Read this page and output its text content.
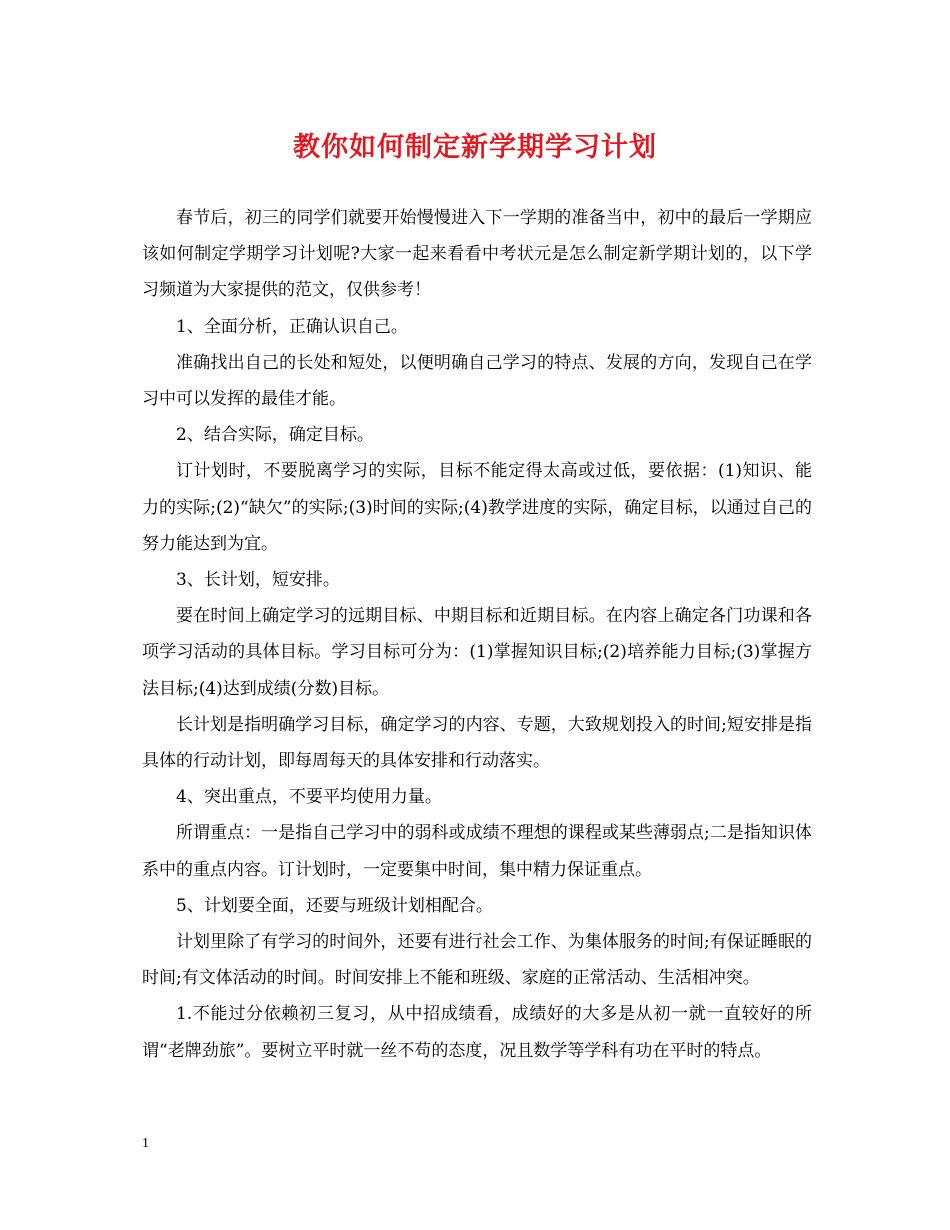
教你如何制定新学期学习计划

春节后，初三的同学们就要开始慢慢进入下一学期的准备当中，初中的最后一学期应该如何制定学期学习计划呢?大家一起来看看中考状元是怎么制定新学期计划的，以下学习频道为大家提供的范文，仅供参考！

1、全面分析，正确认识自己。

准确找出自己的长处和短处，以便明确自己学习的特点、发展的方向，发现自己在学习中可以发挥的最佳才能。

2、结合实际，确定目标。

订计划时，不要脱离学习的实际，目标不能定得太高或过低，要依据：(1)知识、能力的实际;(2)“缺欠”的实际;(3)时间的实际;(4)教学进度的实际，确定目标，以通过自己的努力能达到为宜。

3、长计划，短安排。

要在时间上确定学习的远期目标、中期目标和近期目标。在内容上确定各门功课和各项学习活动的具体目标。学习目标可分为：(1)掌握知识目标;(2)培养能力目标;(3)掌握方法目标;(4)达到成绩(分数)目标。

长计划是指明确学习目标，确定学习的内容、专题，大致规划投入的时间;短安排是指具体的行动计划，即每周每天的具体安排和行动落实。

4、突出重点，不要平均使用力量。

所谓重点：一是指自己学习中的弱科或成绩不理想的课程或某些薄弱点;二是指知识体系中的重点内容。订计划时，一定要集中时间，集中精力保证重点。

5、计划要全面，还要与班级计划相配合。

计划里除了有学习的时间外，还要有进行社会工作、为集体服务的时间;有保证睡眠的时间;有文体活动的时间。时间安排上不能和班级、家庭的正常活动、生活相冲突。

1.不能过分依赖初三复习，从中招成绩看，成绩好的大多是从初一就一直较好的所谓“老牌劲旅”。要树立平时就一丝不苟的态度，况且数学等学科有功在平时的特点。

1
